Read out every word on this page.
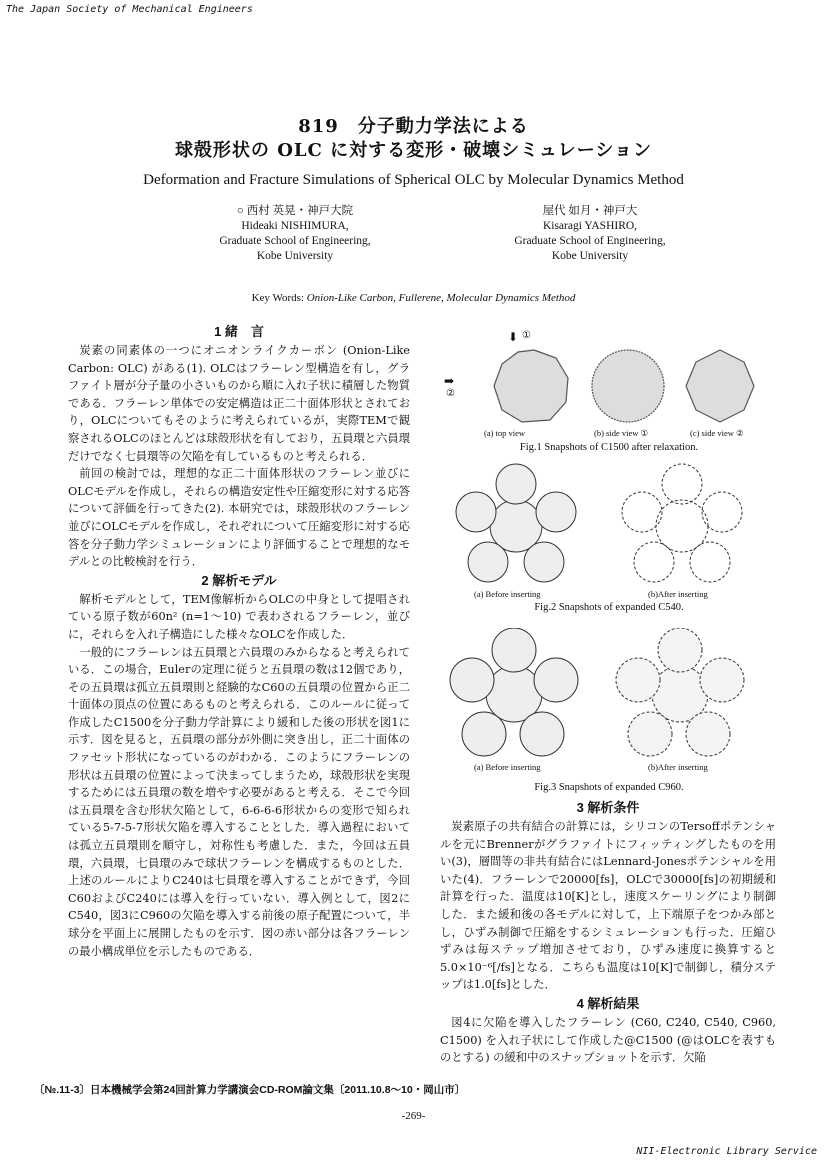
The Japan Society of Mechanical Engineers
NII-Electronic Library Service
819　分子動力学法による
球殻形状の OLC に対する変形・破壊シミュレーション
Deformation and Fracture Simulations of Spherical OLC by Molecular Dynamics Method
○ 西村 英晃・神戸大院
Hideaki NISHIMURA,
Graduate School of Engineering,
Kobe University
屋代 如月・神戸大
Kisaragi YASHIRO,
Graduate School of Engineering,
Kobe University
Key Words: Onion-Like Carbon, Fullerene, Molecular Dynamics Method
1 緒　言

炭素の同素体の一つにオニオンライクカーボン (Onion-Like Carbon: OLC) がある(1). OLCはフラーレン型構造を有し，グラファイト層が分子量の小さいものから順に入れ子状に積層した物質である．フラーレン単体での安定構造は正二十面体形状とされており，OLCについてもそのように考えられているが，実際TEMで観察されるOLCのほとんどは球殻形状を有しており，五員環と六員環だけでなく七員環等の欠陥を有しているものと考えられる．

前回の検討では，理想的な正二十面体形状のフラーレン並びにOLCモデルを作成し，それらの構造安定性や圧縮変形に対する応答について評価を行ってきた(2). 本研究では，球殻形状のフラーレン並びにOLCモデルを作成し，それぞれについて圧縮変形に対する応答を分子動力学シミュレーションにより評価することで理想的なモデルとの比較検討を行う．

2 解析モデル

解析モデルとして，TEM像解析からOLCの中身として提唱されている原子数が60n² (n=1〜10) で表わされるフラーレン，並びに，それらを入れ子構造にした様々なOLCを作成した．

一般的にフラーレンは五員環と六員環のみからなると考えられている．この場合，Eulerの定理に従うと五員環の数は12個であり，その五員環は孤立五員環則と経験的なC60の五員環の位置から正二十面体の頂点の位置にあるものと考えられる．このルールに従って作成したC1500を分子動力学計算により緩和した後の形状を図1に示す．図を見ると，五員環の部分が外側に突き出し，正二十面体のファセット形状になっているのがわかる．このようにフラーレンの形状は五員環の位置によって決まってしまうため，球殻形状を実現するためには五員環の数を増やす必要があると考える．そこで今回は五員環を含む形状欠陥として，6-6-6-6形状からの変形で知られている5-7-5-7形状欠陥を導入することとした．導入過程においては孤立五員環則を順守し，対称性も考慮した．また，今回は五員環，六員環，七員環のみで球状フラーレンを構成するものとした．上述のルールによりC240は七員環を導入することができず，今回C60およびC240には導入を行っていない．導入例として，図2にC540，図3にC960の欠陥を導入する前後の原子配置について，半球分を平面上に展開したものを示す．図の赤い部分は各フラーレンの最小構成単位を示したものである．

⬇ ①
➡
②
(a) top view	(b) side view ①	(c) side view ②
Fig.1 Snapshots of C1500 after relaxation.
(a) Before inserting	(b)After inserting
Fig.2 Snapshots of expanded C540.
(a) Before inserting	(b)After inserting
Fig.3 Snapshots of expanded C960.
3 解析条件

炭素原子の共有結合の計算には，シリコンのTersoffポテンシャルを元にBrennerがグラファイトにフィッティングしたものを用い(3)，層間等の非共有結合にはLennard-Jonesポテンシャルを用いた(4)．フラーレンで20000[fs]，OLCで30000[fs]の初期緩和計算を行った．温度は10[K]とし，速度スケーリングにより制御した．また緩和後の各モデルに対して，上下端原子をつかみ部とし，ひずみ制御で圧縮をするシミュレーションも行った．圧縮ひずみは毎ステップ増加させており，ひずみ速度に換算すると5.0×10⁻⁶[/fs]となる．こちらも温度は10[K]で制御し，積分ステップは1.0[fs]とした．

4 解析結果

図4に欠陥を導入したフラーレン (C60, C240, C540, C960, C1500) を入れ子状にして作成した@C1500 (@はOLCを表すものとする) の緩和中のスナップショットを示す．欠陥

〔№.11-3〕日本機械学会第24回計算力学講演会CD-ROM論文集〔2011.10.8〜10・岡山市〕
-269-
